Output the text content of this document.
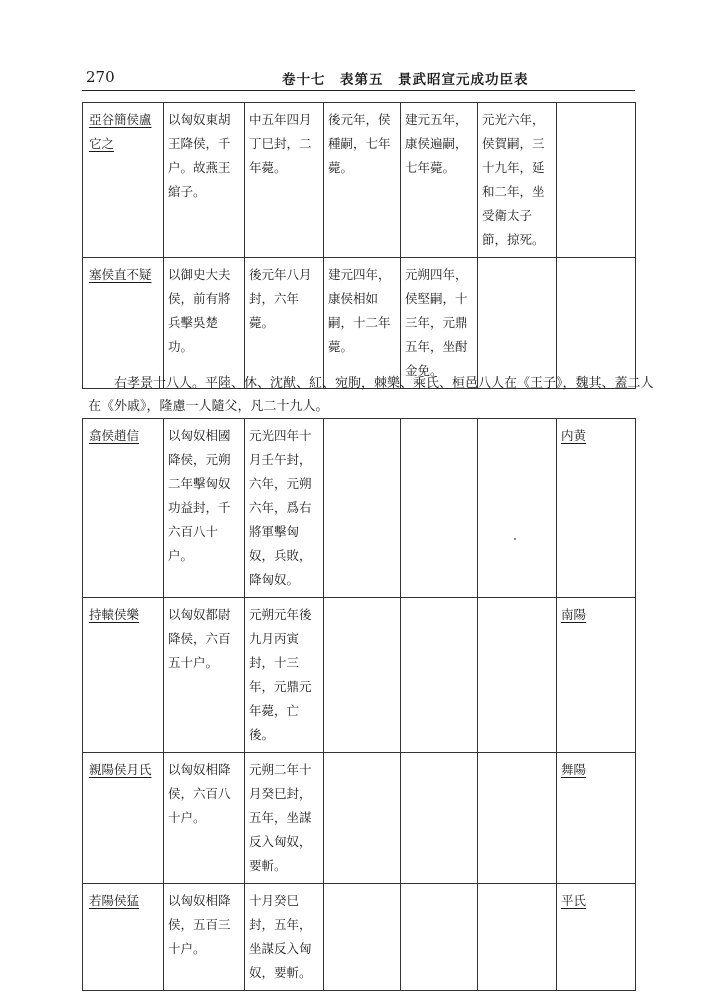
270	卷十七　表第五　景武昭宣元成功臣表
亞谷簡侯盧它之	以匈奴東胡王降侯，千户。故燕王綰子。	中五年四月丁巳封，二年薨。	後元年，侯種嗣，七年薨。	建元五年，康侯遍嗣，七年薨。	元光六年，侯賀嗣，三十九年，延和二年，坐受衛太子節，掠死。	
塞侯直不疑	以御史大夫侯，前有將兵擊吳楚功。	後元年八月封，六年薨。	建元四年，康侯相如嗣，十二年薨。	元朔四年，侯堅嗣，十三年，元鼎五年，坐酎金免。		
右孝景十八人。平陸、休、沈猷、紅、宛朐，棘樂、乘氏、桓邑八人在《王子》，魏其、蓋二人
在《外戚》，隆慮一人隨父，凡二十九人。
翕侯趙信	以匈奴相國降侯，元朔二年擊匈奴功益封，千六百八十户。	元光四年十月壬午封，六年，元朔六年，爲右將軍擊匈奴，兵敗，降匈奴。				内黄
持轅侯樂	以匈奴都尉降侯，六百五十户。	元朔元年後九月丙寅封，十三年，元鼎元年薨，亡後。				南陽
親陽侯月氏	以匈奴相降侯，六百八十户。	元朔二年十月癸巳封，五年，坐謀反入匈奴，要斬。				舞陽
若陽侯猛	以匈奴相降侯，五百三十户。	十月癸巳封，五年，坐謀反入匈奴，要斬。				平氏
